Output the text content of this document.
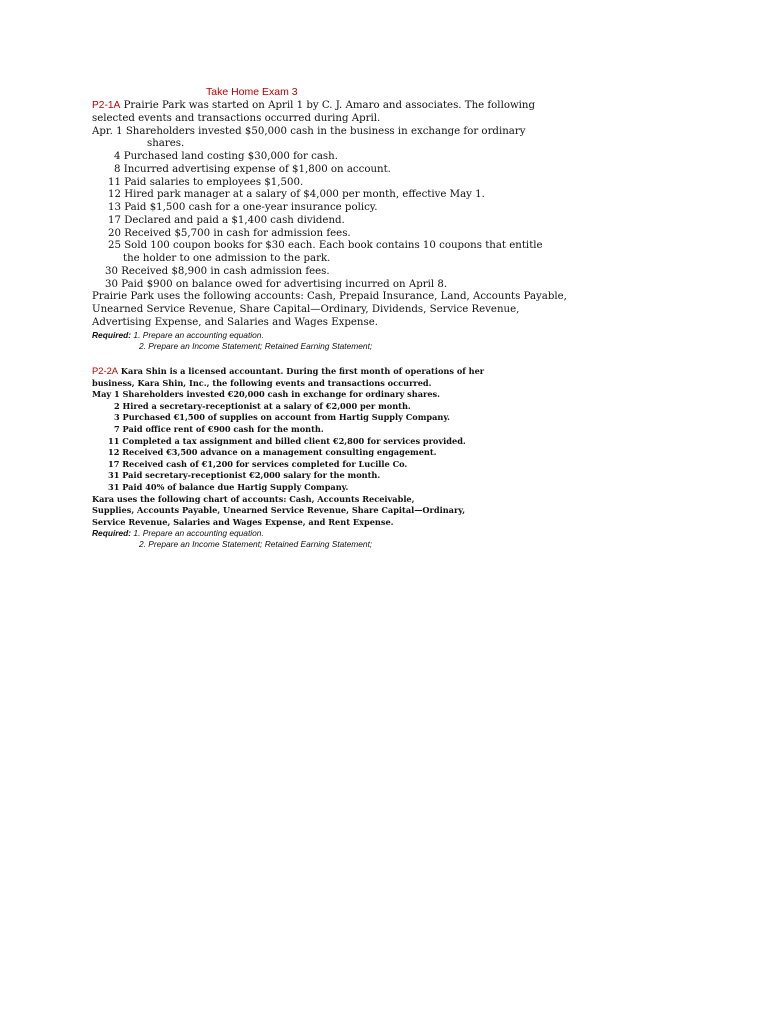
Take Home Exam 3
P2-1A Prairie Park was started on April 1 by C. J. Amaro and associates. The following
selected events and transactions occurred during April.
Apr. 1 Shareholders invested $50,000 cash in the business in exchange for ordinary
shares.
4 Purchased land costing $30,000 for cash.
8 Incurred advertising expense of $1,800 on account.
11 Paid salaries to employees $1,500.
12 Hired park manager at a salary of $4,000 per month, effective May 1.
13 Paid $1,500 cash for a one-year insurance policy.
17 Declared and paid a $1,400 cash dividend.
20 Received $5,700 in cash for admission fees.
25 Sold 100 coupon books for $30 each. Each book contains 10 coupons that entitle
the holder to one admission to the park.
30 Received $8,900 in cash admission fees.
30 Paid $900 on balance owed for advertising incurred on April 8.
Prairie Park uses the following accounts: Cash, Prepaid Insurance, Land, Accounts Payable,
Unearned Service Revenue, Share Capital—Ordinary, Dividends, Service Revenue,
Advertising Expense, and Salaries and Wages Expense.
Required: 1. Prepare an accounting equation.
2. Prepare an Income Statement; Retained Earning Statement;
P2-2A Kara Shin is a licensed accountant. During the first month of operations of her
business, Kara Shin, Inc., the following events and transactions occurred.
May 1 Shareholders invested €20,000 cash in exchange for ordinary shares.
2 Hired a secretary-receptionist at a salary of €2,000 per month.
3 Purchased €1,500 of supplies on account from Hartig Supply Company.
7 Paid office rent of €900 cash for the month.
11 Completed a tax assignment and billed client €2,800 for services provided.
12 Received €3,500 advance on a management consulting engagement.
17 Received cash of €1,200 for services completed for Lucille Co.
31 Paid secretary-receptionist €2,000 salary for the month.
31 Paid 40% of balance due Hartig Supply Company.
Kara uses the following chart of accounts: Cash, Accounts Receivable,
Supplies, Accounts Payable, Unearned Service Revenue, Share Capital—Ordinary,
Service Revenue, Salaries and Wages Expense, and Rent Expense.
Required: 1. Prepare an accounting equation.
2. Prepare an Income Statement; Retained Earning Statement;
